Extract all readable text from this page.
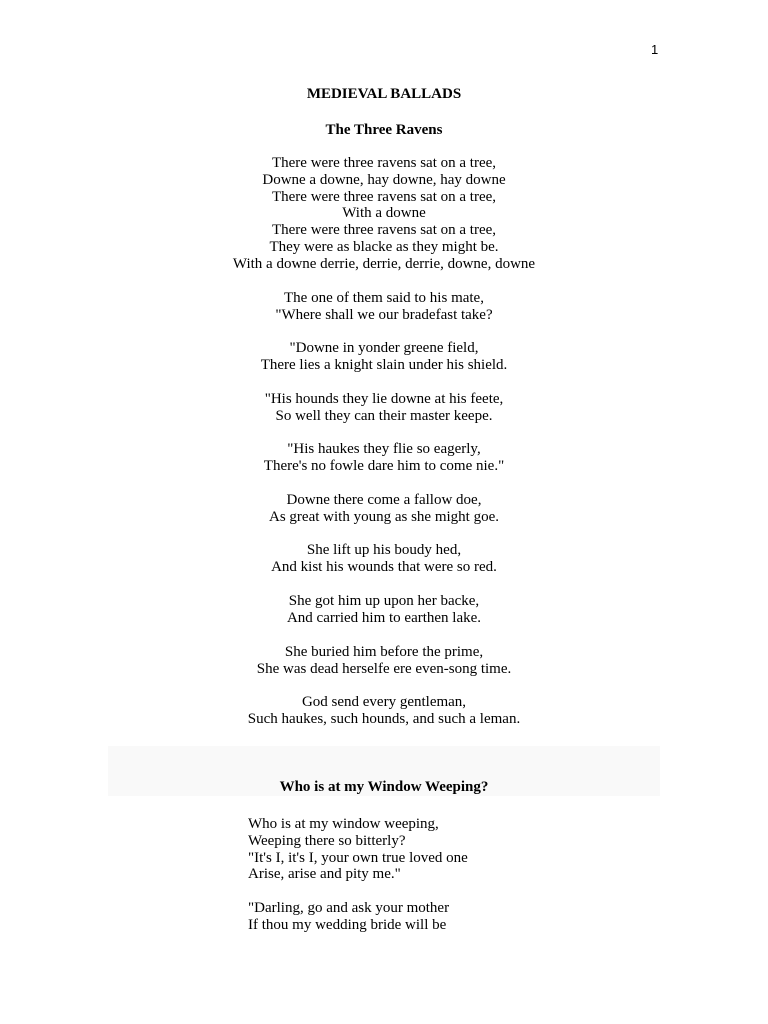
1
MEDIEVAL BALLADS
The Three Ravens
There were three ravens sat on a tree,
Downe a downe, hay downe, hay downe
There were three ravens sat on a tree,
With a downe
There were three ravens sat on a tree,
They were as blacke as they might be.
With a downe derrie, derrie, derrie, downe, downe
The one of them said to his mate,
"Where shall we our bradefast take?
"Downe in yonder greene field,
There lies a knight slain under his shield.
"His hounds they lie downe at his feete,
So well they can their master keepe.
"His haukes they flie so eagerly,
There's no fowle dare him to come nie."
Downe there come a fallow doe,
As great with young as she might goe.
She lift up his boudy hed,
And kist his wounds that were so red.
She got him up upon her backe,
And carried him to earthen lake.
She buried him before the prime,
She was dead herselfe ere even-song time.
God send every gentleman,
Such haukes, such hounds, and such a leman.
Who is at my Window Weeping?
Who is at my window weeping,
Weeping there so bitterly?
"It's I, it's I, your own true loved one
Arise, arise and pity me."
"Darling, go and ask your mother
If thou my wedding bride will be
